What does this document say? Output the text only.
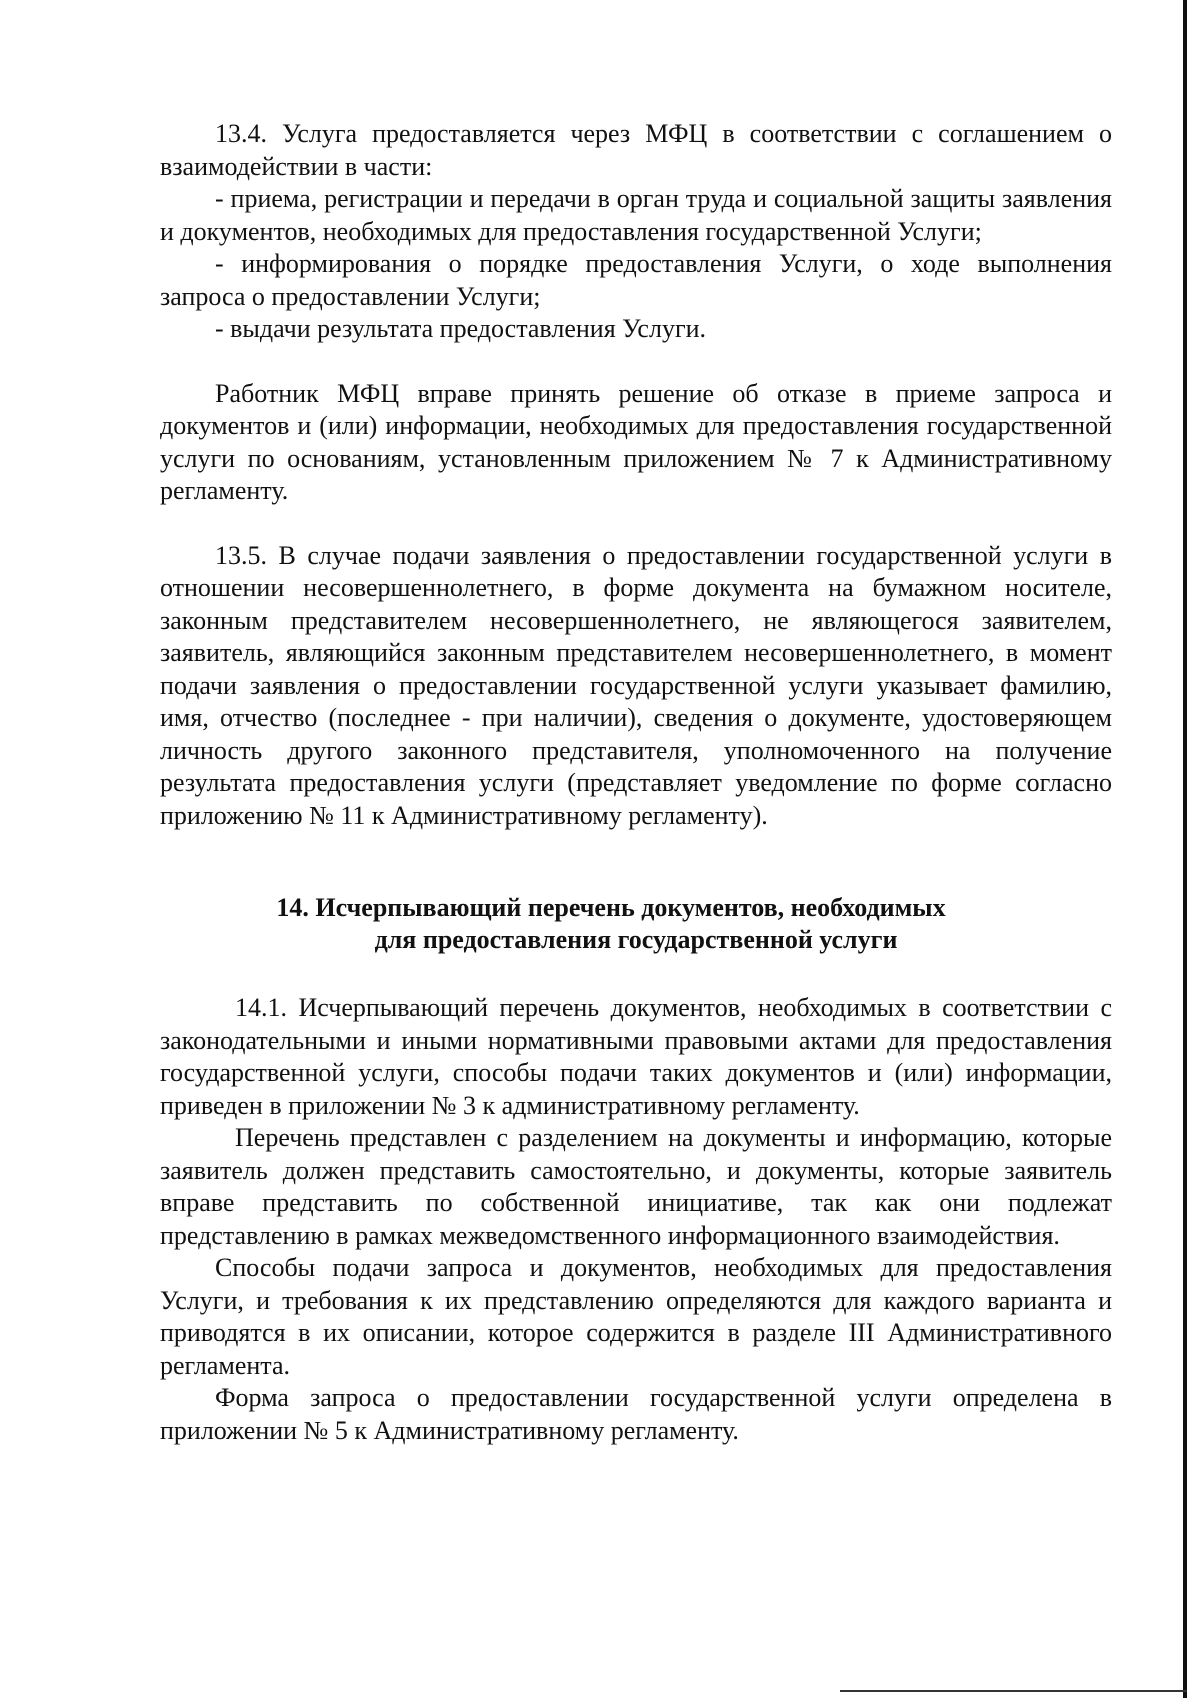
13.4. Услуга предоставляется через МФЦ в соответствии с соглашением о взаимодействии в части:

- приема, регистрации и передачи в орган труда и социальной защиты заявления и документов, необходимых для предоставления государственной Услуги;

- информирования о порядке предоставления Услуги, о ходе выполнения запроса о предоставлении Услуги;

- выдачи результата предоставления Услуги.

Работник МФЦ вправе принять решение об отказе в приеме запроса и документов и (или) информации, необходимых для предоставления государственной услуги по основаниям, установленным приложением № 7 к Административному регламенту.

13.5. В случае подачи заявления о предоставлении государственной услуги в отношении несовершеннолетнего, в форме документа на бумажном носителе, законным представителем несовершеннолетнего, не являющегося заявителем, заявитель, являющийся законным представителем несовершеннолетнего, в момент подачи заявления о предоставлении государственной услуги указывает фамилию, имя, отчество (последнее - при наличии), сведения о документе, удостоверяющем личность другого законного представителя, уполномоченного на получение результата предоставления услуги (представляет уведомление по форме согласно приложению № 11 к Административному регламенту).

14. Исчерпывающий перечень документов, необходимых
для предоставления государственной услуги

14.1. Исчерпывающий перечень документов, необходимых в соответствии с законодательными и иными нормативными правовыми актами для предоставления государственной услуги, способы подачи таких документов и (или) информации, приведен в приложении № 3 к административному регламенту.

Перечень представлен с разделением на документы и информацию, которые заявитель должен представить самостоятельно, и документы, которые заявитель вправе представить по собственной инициативе, так как они подлежат представлению в рамках межведомственного информационного взаимодействия.

Способы подачи запроса и документов, необходимых для предоставления Услуги, и требования к их представлению определяются для каждого варианта и приводятся в их описании, которое содержится в разделе III Административного регламента.

Форма запроса о предоставлении государственной услуги определена в приложении № 5 к Административному регламенту.
